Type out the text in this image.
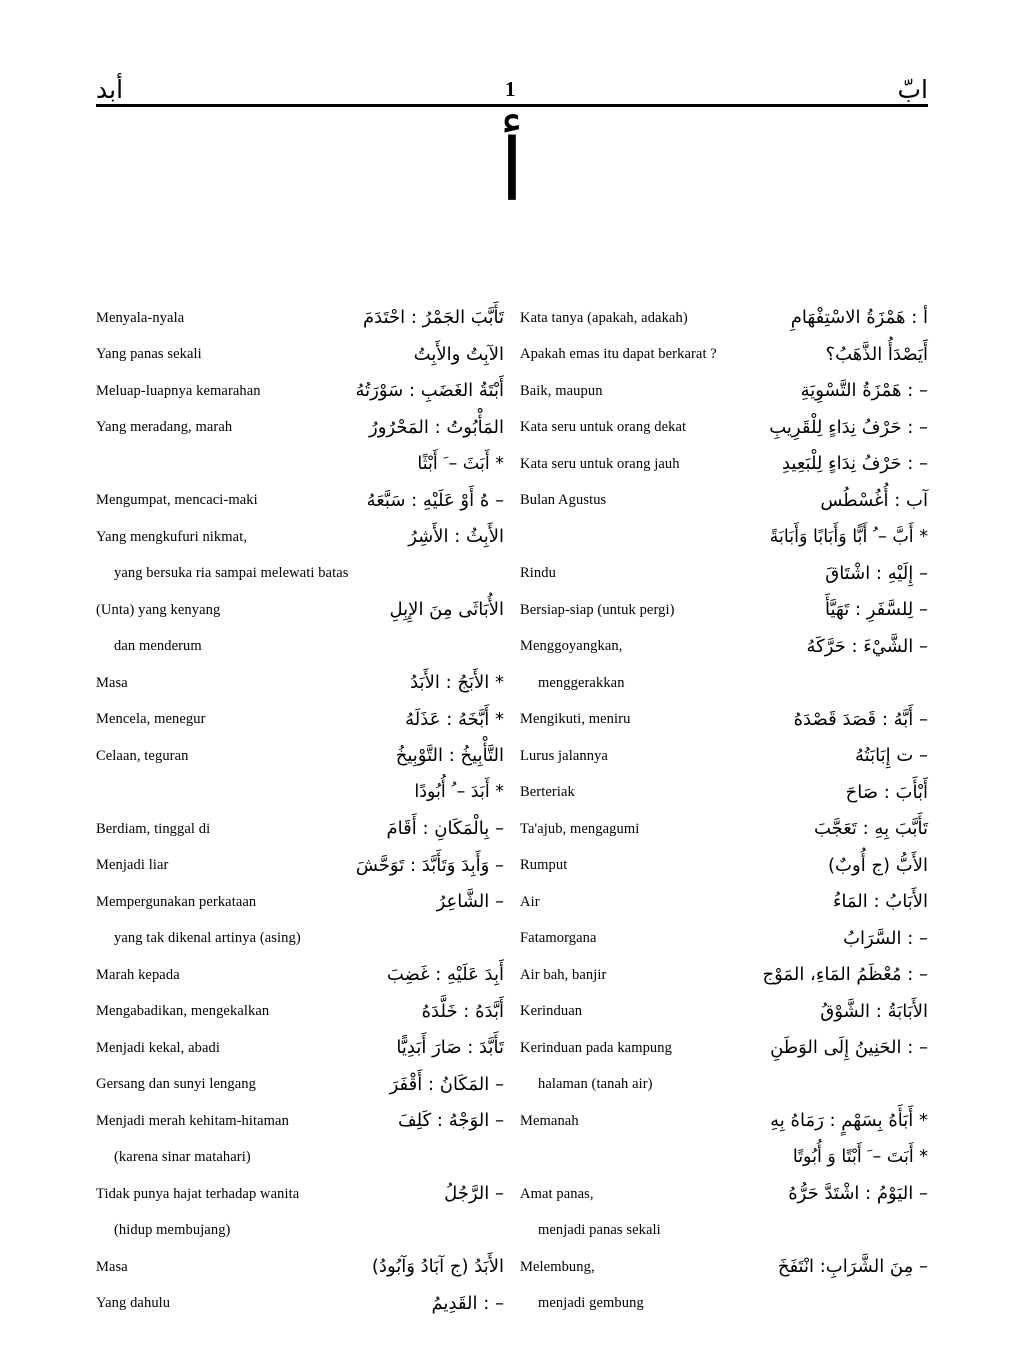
أبد	1	ابّ
أ
Menyala-nyala	تَأَبَّبَ الجَمْرُ : احْتَدَمَ
Yang panas sekali	الآبِتُ والأَبِتُ
Meluap-luapnya kemarahan	أَبْتَةُ الغَضَبِ : سَوْرَتُهُ
Yang meradang, marah	المَأْبُوتُ : المَحْرُورُ
* أَبَثَ – َ أَبْثًا
Mengumpat, mencaci-maki	– هُ أَوْ عَلَيْهِ : سَبَّعَهُ
Yang mengkufuri nikmat,	الأَبِثُ : الأَشِرُ
yang bersuka ria sampai melewati batas
(Unta) yang kenyang	الأُبَاثَى مِنَ الإِبِلِ
dan menderum
Masa	* الأَبَجُ : الأَبَدُ
Mencela, menegur	* أَبَّخَهُ : عَذَلَهُ
Celaan, teguran	التَّأْبِيخُ : التَّوْبِيخُ
* أَبَدَ – ُ أُبُودًا
Berdiam, tinggal di	– بِالْمَكَانِ : أَقَامَ
Menjadi liar	– وَأَبِدَ وَتَأَبَّدَ : تَوَحَّشَ
Mempergunakan perkataan	– الشَّاعِرُ
yang tak dikenal artinya (asing)
Marah kepada	أَبِدَ عَلَيْهِ : غَضِبَ
Mengabadikan, mengekalkan	أَبَّدَهُ : خَلَّدَهُ
Menjadi kekal, abadi	تَأَبَّدَ : صَارَ أَبَدِيًّا
Gersang dan sunyi lengang	– المَكَانُ : أَقْفَرَ
Menjadi merah kehitam-hitaman	– الوَجْهُ : كَلِفَ
(karena sinar matahari)
Tidak punya hajat terhadap wanita	– الرَّجُلُ
(hidup membujang)
Masa	الأَبَدُ (ج آبَادُ وَآبُودُ)
Yang dahulu	– : القَدِيمُ
Kata tanya (apakah, adakah)	أ : هَمْزَةُ الاسْتِفْهَامِ
Apakah emas itu dapat berkarat ?	أَيَصْدَأُ الذَّهَبُ؟
Baik, maupun	– : هَمْزَةُ التَّسْوِيَةِ
Kata seru untuk orang dekat	– : حَرْفُ نِدَاءٍ لِلْقَرِيبِ
Kata seru untuk orang jauh	– : حَرْفُ نِدَاءٍ لِلْبَعِيدِ
Bulan Agustus	آب : أُغُسْطُس
* أَبَّ – ُ أَبًّا وَأَبَابًا وَأَبَابَةً
Rindu	– إِلَيْهِ : اشْتَاقَ
Bersiap-siap (untuk pergi)	– لِلسَّفَرِ : تَهَيَّأَ
Menggoyangkan,	– الشَّيْءَ : حَرَّكَهُ
menggerakkan
Mengikuti, meniru	– أَبَّهُ : قَصَدَ قَصْدَهُ
Lurus jalannya	– ت إِبَابَتُهُ
Berteriak	أَبْأَبَ : صَاحَ
Ta'ajub, mengagumi	تَأَبَّبَ بِهِ : تَعَجَّبَ
Rumput	الأَبُّ (ج أُوبٌ)
Air	الأَبَابُ : المَاءُ
Fatamorgana	– : السَّرَابُ
Air bah, banjir	– : مُعْظَمُ المَاءِ، المَوْج
Kerinduan	الأَبَابَةُ : الشَّوْقُ
Kerinduan pada kampung	– : الحَنِينُ إِلَى الوَطَنِ
halaman (tanah air)
Memanah	* أَبَأَهُ بِسَهْمٍ : رَمَاهُ بِهِ
* أَبَتَ – َ أَبْتًا وَ أُبُوتًا
Amat panas,	– اليَوْمُ : اشْتَدَّ حَرُّهُ
menjadi panas sekali
Melembung,	– مِنَ الشَّرَابِ: انْتَفَخَ
menjadi gembung
